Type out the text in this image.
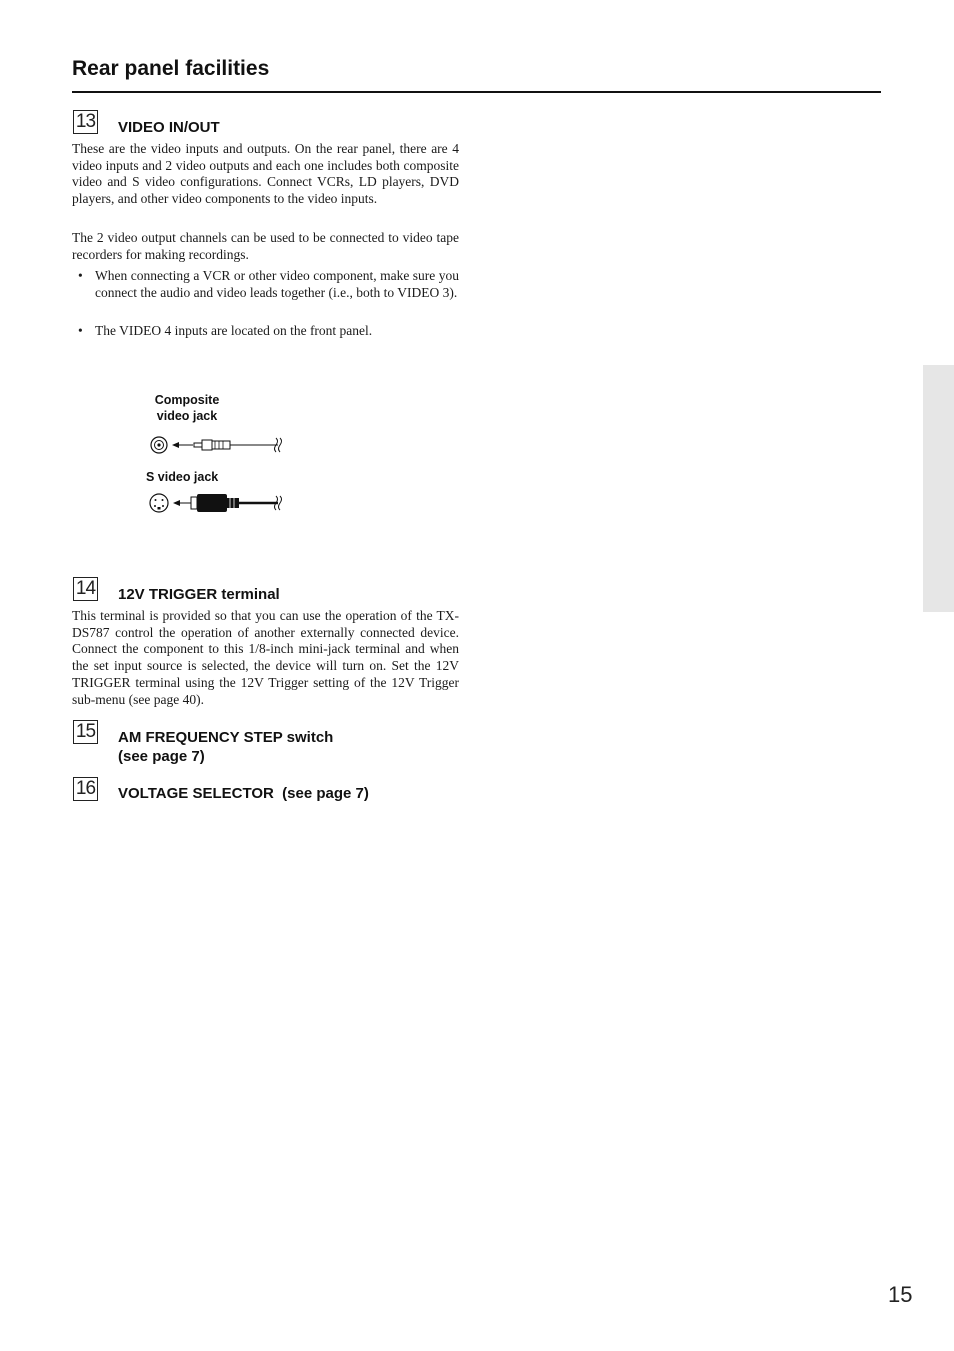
Rear panel facilities
13 VIDEO IN/OUT

These are the video inputs and outputs. On the rear panel, there are 4 video inputs and 2 video outputs and each one includes both composite video and S video configurations. Connect VCRs, LD players, DVD players, and other video components to the video inputs.

The 2 video output channels can be used to be connected to video tape recorders for making recordings.

• When connecting a VCR or other video component, make sure you connect the audio and video leads together (i.e., both to VIDEO 3).
• The VIDEO 4 inputs are located on the front panel.
Composite
video jack
S video jack
14 12V TRIGGER terminal

This terminal is provided so that you can use the operation of the TX-DS787 control the operation of another externally connected device. Connect the component to this 1/8-inch mini-jack terminal and when the set input source is selected, the device will turn on. Set the 12V TRIGGER terminal using the 12V Trigger setting of the 12V Trigger sub-menu (see page 40).

15 AM FREQUENCY STEP switch
(see page 7)
16 VOLTAGE SELECTOR  (see page 7)
15
